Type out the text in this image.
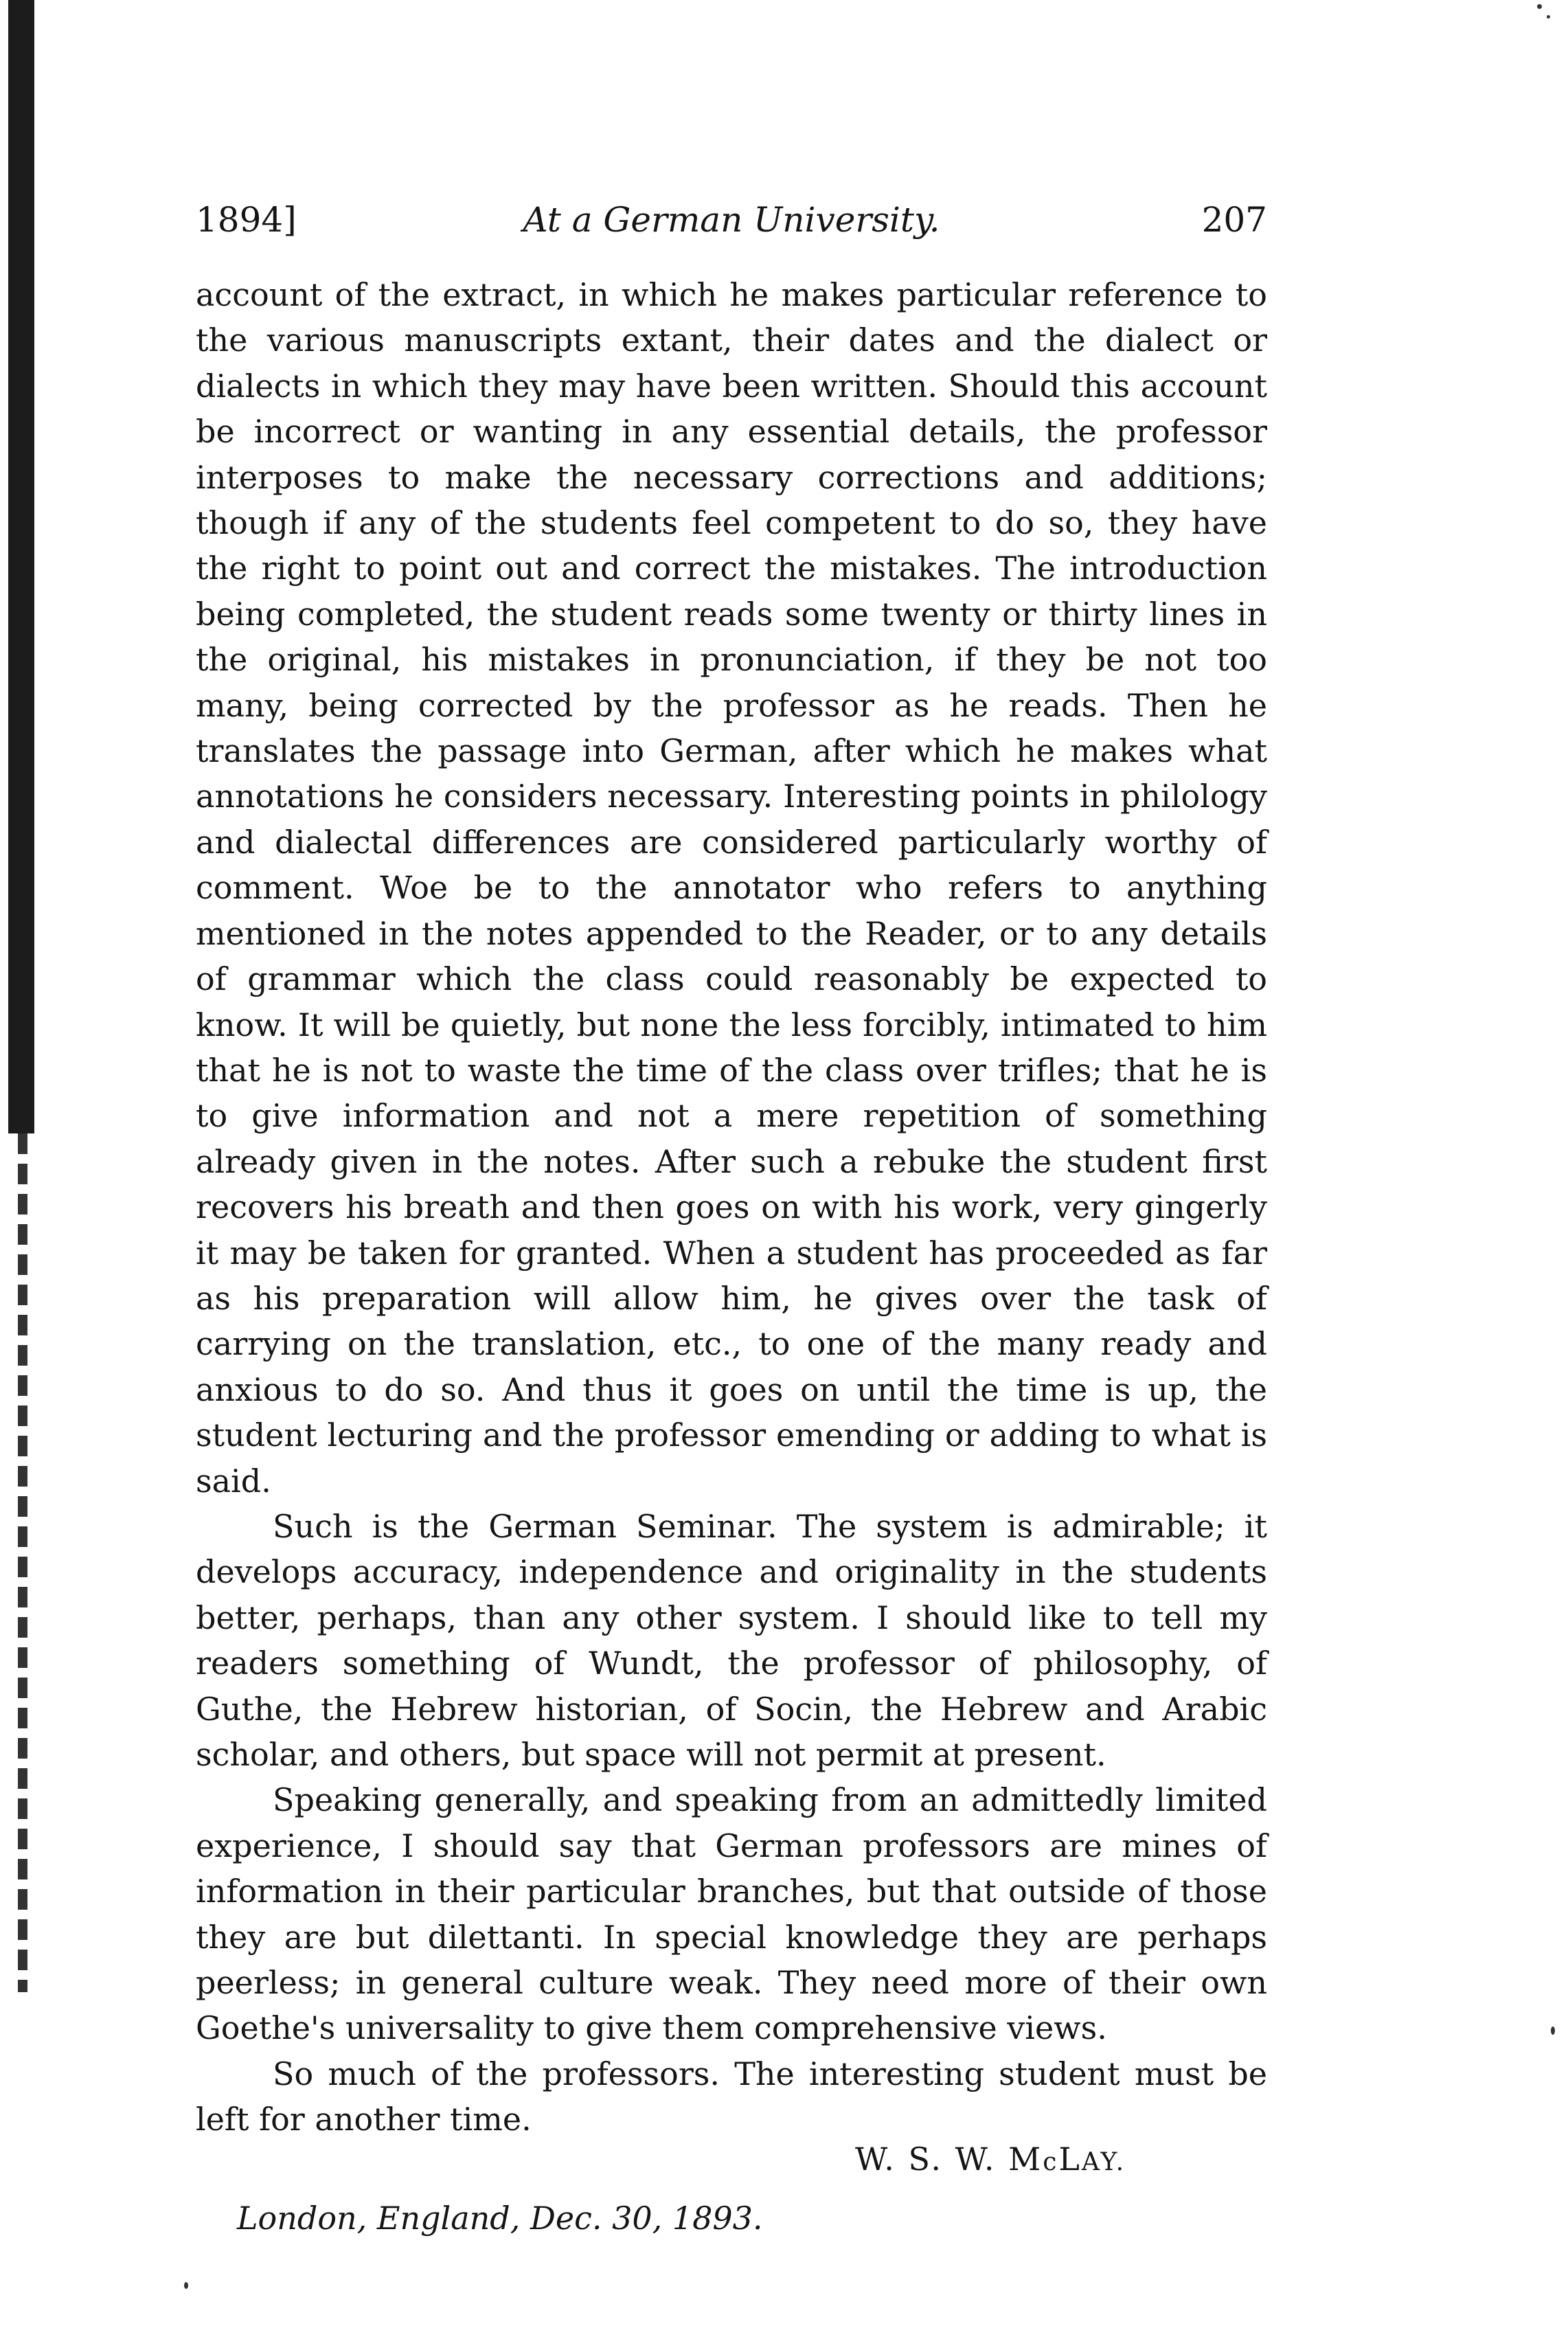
1894]	At a German University.	207

account of the extract, in which he makes particular reference to the various manuscripts extant, their dates and the dialect or dialects in which they may have been written. Should this account be incorrect or wanting in any essential details, the professor interposes to make the necessary corrections and additions; though if any of the students feel competent to do so, they have the right to point out and correct the mistakes. The introduction being completed, the student reads some twenty or thirty lines in the original, his mistakes in pronunciation, if they be not too many, being corrected by the professor as he reads. Then he translates the passage into German, after which he makes what annotations he considers necessary. Interesting points in philology and dialectal differences are considered particularly worthy of comment. Woe be to the annotator who refers to anything mentioned in the notes appended to the Reader, or to any details of grammar which the class could reasonably be expected to know. It will be quietly, but none the less forcibly, intimated to him that he is not to waste the time of the class over trifles; that he is to give information and not a mere repetition of something already given in the notes. After such a rebuke the student first recovers his breath and then goes on with his work, very gingerly it may be taken for granted. When a student has proceeded as far as his preparation will allow him, he gives over the task of carrying on the translation, etc., to one of the many ready and anxious to do so. And thus it goes on until the time is up, the student lecturing and the professor emending or adding to what is said.

Such is the German Seminar. The system is admirable; it develops accuracy, independence and originality in the students better, perhaps, than any other system. I should like to tell my readers something of Wundt, the professor of philosophy, of Guthe, the Hebrew historian, of Socin, the Hebrew and Arabic scholar, and others, but space will not permit at present.

Speaking generally, and speaking from an admittedly limited experience, I should say that German professors are mines of information in their particular branches, but that outside of those they are but dilettanti. In special knowledge they are perhaps peerless; in general culture weak. They need more of their own Goethe's universality to give them comprehensive views.

So much of the professors. The interesting student must be left for another time.

W. S. W. McLAY.
London, England, Dec. 30, 1893.
